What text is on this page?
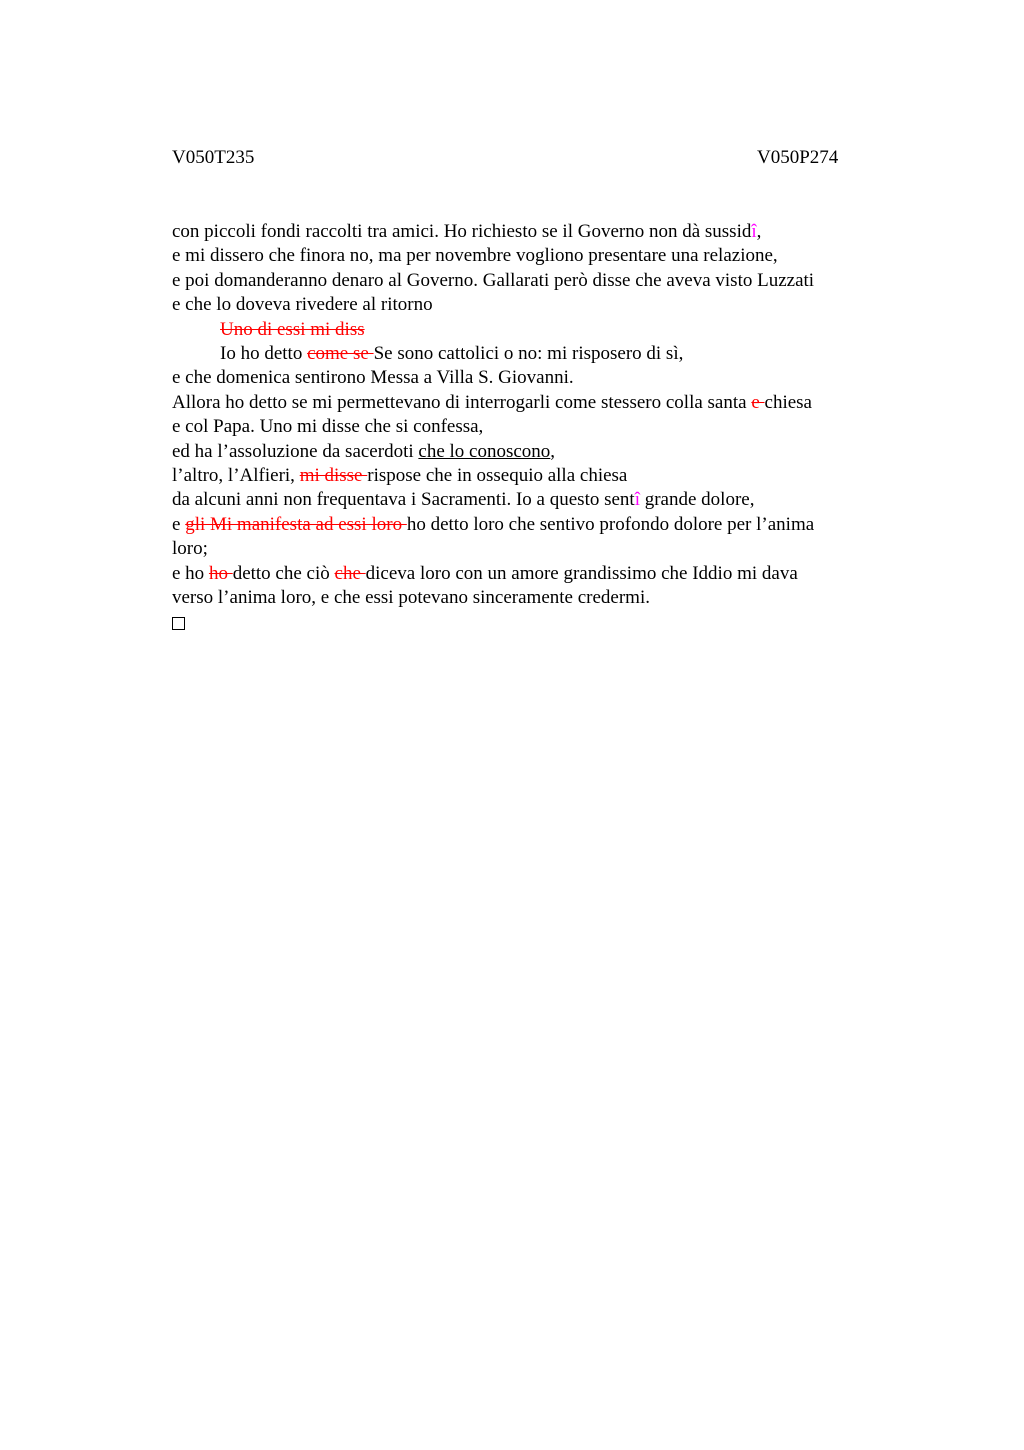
V050T235	V050P274
con piccoli fondi raccolti tra amici. Ho richiesto se il Governo non dà sussidî,
e mi dissero che finora no, ma per novembre vogliono presentare una relazione,
e poi domanderanno denaro al Governo. Gallarati però disse che aveva visto Luzzati
e che lo doveva rivedere al ritorno
Uno di essi mi diss
Io ho detto come se Se sono cattolici o no: mi risposero di sì,
e che domenica sentirono Messa a Villa S. Giovanni.
Allora ho detto se mi permettevano di interrogarli come stessero colla santa e chiesa
e col Papa. Uno mi disse che si confessa,
ed ha l’assoluzione da sacerdoti che lo conoscono,
l’altro, l’Alfieri, mi disse rispose che in ossequio alla chiesa
da alcuni anni non frequentava i Sacramenti. Io a questo sentî grande dolore,
e gli Mi manifesta ad essi loro ho detto loro che sentivo profondo dolore per l’anima
loro;
e ho ho detto che ciò che diceva loro con un amore grandissimo che Iddio mi dava
verso l’anima loro, e che essi potevano sinceramente credermi.
